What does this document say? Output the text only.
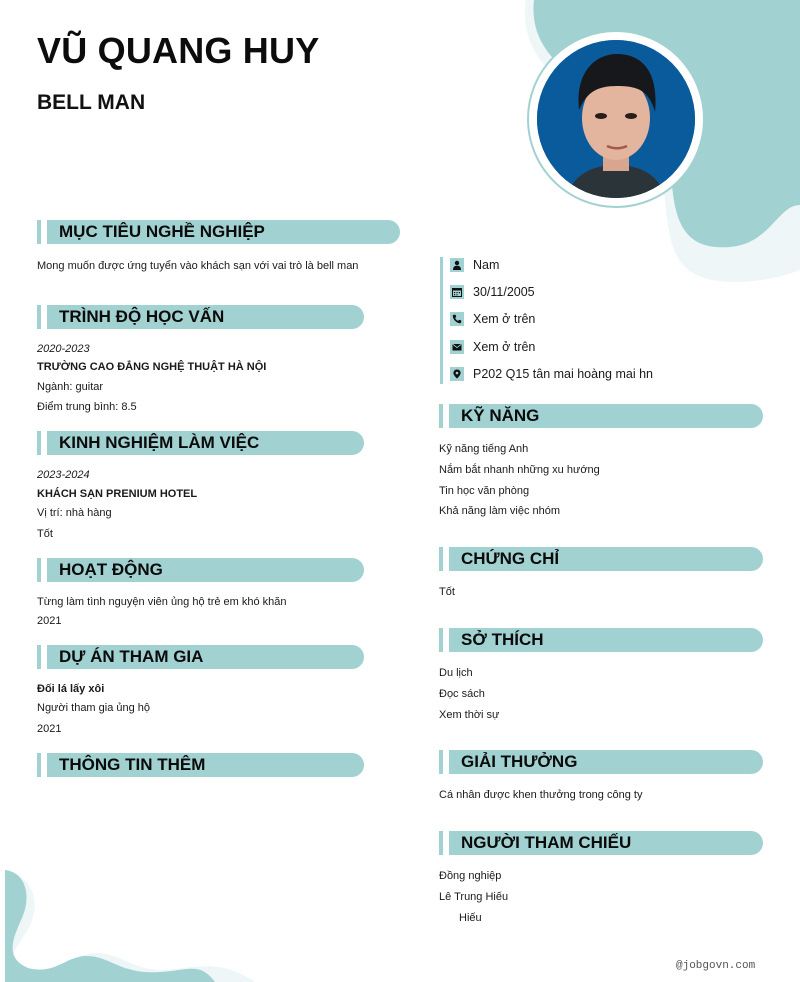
VŨ QUANG HUY
BELL MAN
MỤC TIÊU NGHỀ NGHIỆP
Mong muốn được ứng tuyển vào khách sạn với vai trò là bell man
TRÌNH ĐỘ HỌC VẤN
2020-2023
TRƯỜNG CAO ĐẲNG NGHỆ THUẬT HÀ NỘI
Ngành: guitar
Điểm trung bình: 8.5
KINH NGHIỆM LÀM VIỆC
2023-2024
KHÁCH SẠN PRENIUM HOTEL
Vị trí: nhà hàng
Tốt
HOẠT ĐỘNG
Từng làm tình nguyện viên ủng hộ trẻ em khó khăn
2021
DỰ ÁN THAM GIA
Đối lá lấy xôi
Người tham gia ủng hộ
2021
THÔNG TIN THÊM
Nam
30/11/2005
Xem ở trên
Xem ở trên
P202 Q15 tân mai hoàng mai hn
KỸ NĂNG
Kỹ năng tiếng Anh
Nắm bắt nhanh những xu hướng
Tin học văn phòng
Khả năng làm việc nhóm
CHỨNG CHỈ
Tốt
SỞ THÍCH
Du lịch
Đọc sách
Xem thời sự
GIẢI THƯỞNG
Cá nhân được khen thưởng trong công ty
NGƯỜI THAM CHIẾU
Đồng nghiệp
Lê Trung Hiếu
Hiếu
@jobgovn.com
